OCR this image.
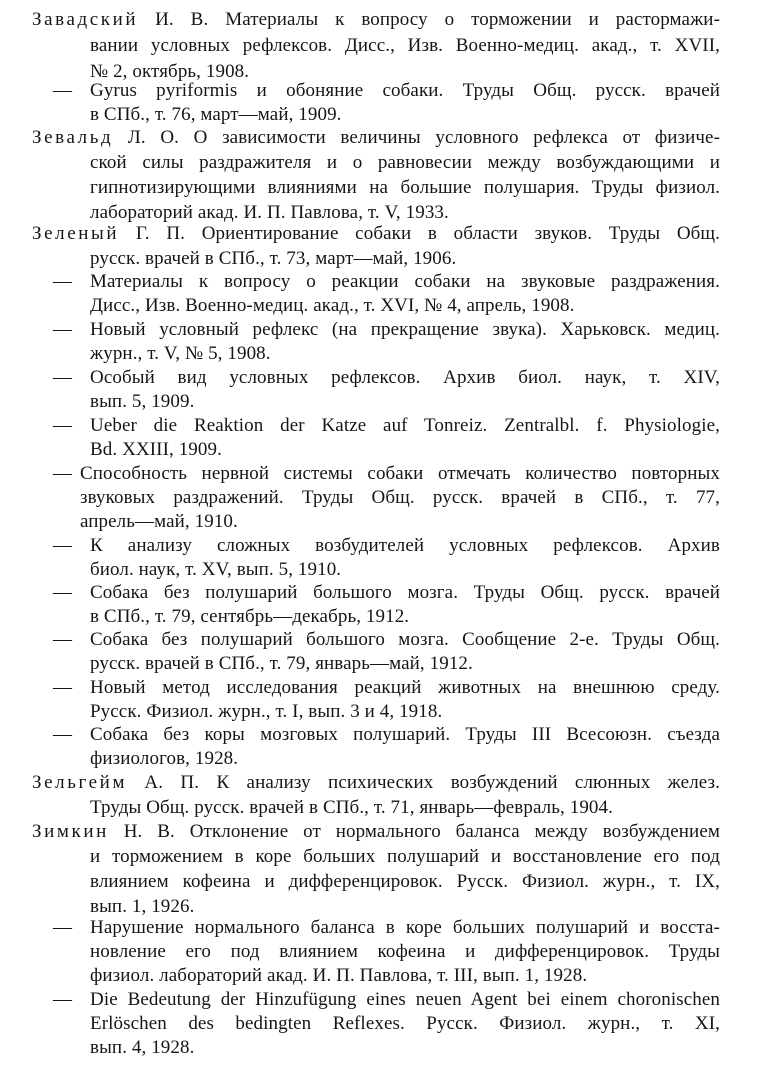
Завадский И. В. Материалы к вопросу о торможении и растормажи-
вании условных рефлексов. Дисс., Изв. Военно-медиц. акад., т. XVII,
№ 2, октябрь, 1908.
— Gyrus pyriformis и обоняние собаки. Труды Общ. русск. врачей
в СПб., т. 76, март—май, 1909.
Зевальд Л. О. О зависимости величины условного рефлекса от физиче-
ской силы раздражителя и о равновесии между возбуждающими и
гипнотизирующими влияниями на большие полушария. Труды физиол.
лабораторий акад. И. П. Павлова, т. V, 1933.
Зеленый Г. П. Ориентирование собаки в области звуков. Труды Общ.
русск. врачей в СПб., т. 73, март—май, 1906.
— Материалы к вопросу о реакции собаки на звуковые раздражения.
Дисс., Изв. Военно-медиц. акад., т. XVI, № 4, апрель, 1908.
— Новый условный рефлекс (на прекращение звука). Харьковск. медиц.
журн., т. V, № 5, 1908.
— Особый вид условных рефлексов. Архив биол. наук, т. XIV,
вып. 5, 1909.
— Ueber die Reaktion der Katze auf Tonreiz. Zentralbl. f. Physiologie,
Bd. XXIII, 1909.
— Способность нервной системы собаки отмечать количество повторных
звуковых раздражений. Труды Общ. русск. врачей в СПб., т. 77,
апрель—май, 1910.
— К анализу сложных возбудителей условных рефлексов. Архив
биол. наук, т. XV, вып. 5, 1910.
— Собака без полушарий большого мозга. Труды Общ. русск. врачей
в СПб., т. 79, сентябрь—декабрь, 1912.
— Собака без полушарий большого мозга. Сообщение 2-е. Труды Общ.
русск. врачей в СПб., т. 79, январь—май, 1912.
— Новый метод исследования реакций животных на внешнюю среду.
Русск. Физиол. журн., т. I, вып. 3 и 4, 1918.
— Собака без коры мозговых полушарий. Труды III Всесоюзн. съезда
физиологов, 1928.
Зельгейм А. П. К анализу психических возбуждений слюнных желез.
Труды Общ. русск. врачей в СПб., т. 71, январь—февраль, 1904.
Зимкин Н. В. Отклонение от нормального баланса между возбуждением
и торможением в коре больших полушарий и восстановление его под
влиянием кофеина и дифференцировок. Русск. Физиол. журн., т. IX,
вып. 1, 1926.
— Нарушение нормального баланса в коре больших полушарий и восста-
новление его под влиянием кофеина и дифференцировок. Труды
физиол. лабораторий акад. И. П. Павлова, т. III, вып. 1, 1928.
— Die Bedeutung der Hinzufügung eines neuen Agent bei einem choronischen
Erlöschen des bedingten Reflexes. Русск. Физиол. журн., т. XI,
вып. 4, 1928.
